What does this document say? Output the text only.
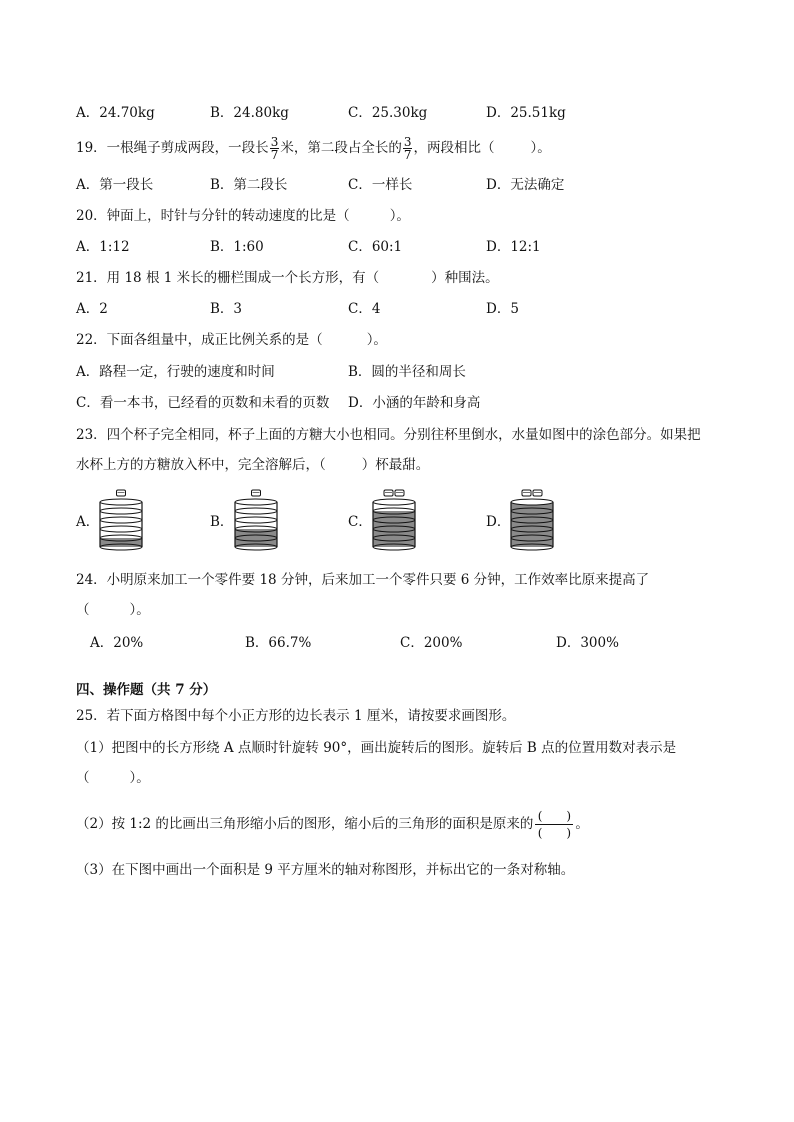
A．24.70kg	B．24.80kg	C．25.30kg	D．25.51kg
19．一根绳子剪成两段，一段长 $\frac{3}{7}$ 米，第二段占全长的 $\frac{3}{7}$ ，两段相比（	）。
A．第一段长	B．第二段长	C．一样长	D．无法确定
20．钟面上，时针与分针的转动速度的比是（	）。
A．1:12	B．1:60	C．60:1	D．12:1
21．用 18 根 1 米长的栅栏围成一个长方形，有（	）种围法。
A．2	B．3	C．4	D．5
22．下面各组量中，成正比例关系的是（	）。
A．路程一定，行驶的速度和时间	B．圆的半径和周长
C．看一本书，已经看的页数和未看的页数 D．小涵的年龄和身高
23．四个杯子完全相同，杯子上面的方糖大小也相同。分别往杯里倒水，水量如图中的涂色部分。如果把
水杯上方的方糖放入杯中，完全溶解后，（	）杯最甜。
A．	B．	C．	D．
24．小明原来加工一个零件要 18 分钟，后来加工一个零件只要 6 分钟，工作效率比原来提高了
（	）。
A．20%	B．66.7%	C．200%	D．300%
四、操作题（共 7 分）
25．若下面方格图中每个小正方形的边长表示 1 厘米，请按要求画图形。
（1）把图中的长方形绕 A 点顺时针旋转 90°，画出旋转后的图形。旋转后 B 点的位置用数对表示是
（	）。
（2）按 1:2 的比画出三角形缩小后的图形，缩小后的三角形的面积是原来的 $\frac{( )}{( )}$ 。
（3）在下图中画出一个面积是 9 平方厘米的轴对称图形，并标出它的一条对称轴。
